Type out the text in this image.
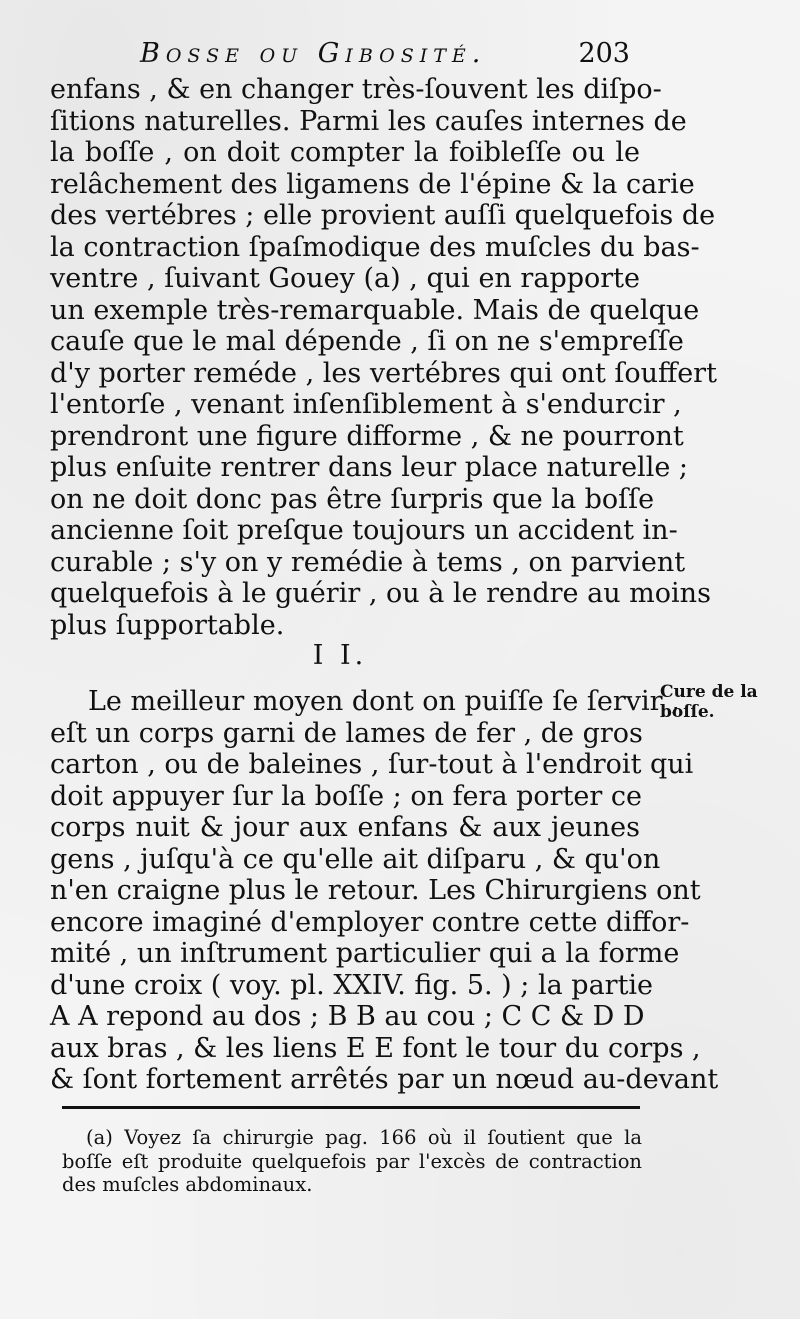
Bosse ou Gibosité.	203
enfans , & en changer très-ſouvent les diſpo-
ſitions naturelles. Parmi les cauſes internes de
la boſſe , on doit compter la foibleſſe ou le
relâchement des ligamens de l'épine & la carie
des vertébres ; elle provient auſſi quelquefois de
la contraction ſpaſmodique des muſcles du bas-
ventre , ſuivant Gouey (a) , qui en rapporte
un exemple très-remarquable. Mais de quelque
cauſe que le mal dépende , ſi on ne s'empreſſe
d'y porter reméde , les vertébres qui ont ſouffert
l'entorſe , venant inſenſiblement à s'endurcir ,
prendront une figure difforme , & ne pourront
plus enſuite rentrer dans leur place naturelle ;
on ne doit donc pas être ſurpris que la boſſe
ancienne ſoit preſque toujours un accident in-
curable ; s'y on y remédie à tems , on parvient
quelquefois à le guérir , ou à le rendre au moins
plus ſupportable.
I I.
Le meilleur moyen dont on puiſſe ſe ſervir ,
eſt un corps garni de lames de fer , de gros
carton , ou de baleines , ſur-tout à l'endroit qui
doit appuyer ſur la boſſe ; on fera porter ce
corps nuit & jour aux enfans & aux jeunes
gens , juſqu'à ce qu'elle ait diſparu , & qu'on
n'en craigne plus le retour. Les Chirurgiens ont
encore imaginé d'employer contre cette diffor-
mité , un inſtrument particulier qui a la forme
d'une croix ( voy. pl. XXIV. fig. 5. ) ; la partie
A A repond au dos ; B B au cou ; C C & D D
aux bras , & les liens E E font le tour du corps ,
& ſont fortement arrêtés par un nœud au-devant
Cure de la
boſſe.
(a) Voyez ſa chirurgie pag. 166 où il ſoutient que la
boſſe eſt produite quelquefois par l'excès de contraction
des muſcles abdominaux.
